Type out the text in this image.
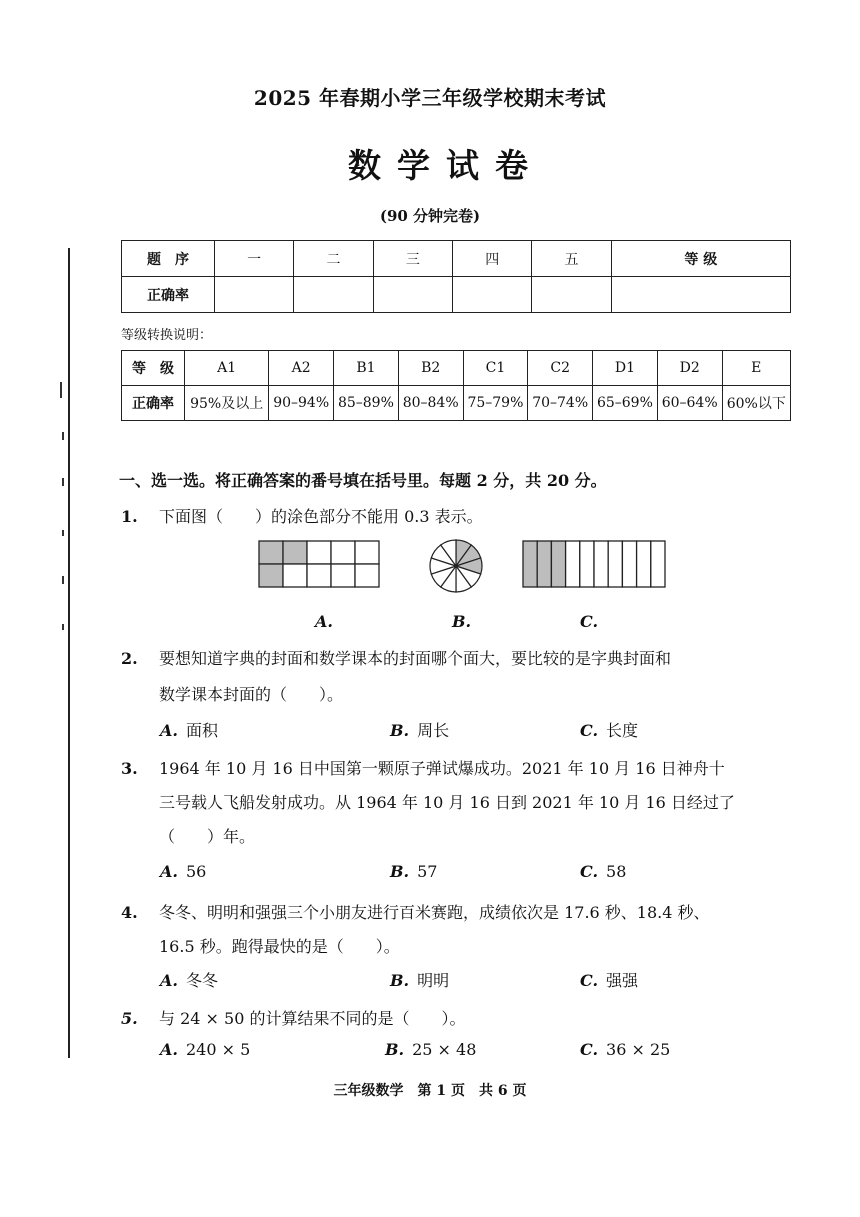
2025 年春期小学三年级学校期末考试
数学试卷
(90 分钟完卷)
题　序	一	二	三	四	五	等 级
正确率						
等级转换说明：
等　级	A1	A2	B1	B2	C1	C2	D1	D2	E
正确率	95%及以上	90–94%	85–89%	80–84%	75–79%	70–74%	65–69%	60–64%	60%以下
一、选一选。将正确答案的番号填在括号里。每题 2 分，共 20 分。
1.	下面图（　　）的涂色部分不能用 0.3 表示。
A.	B.	C.
2.	要想知道字典的封面和数学课本的封面哪个面大，要比较的是字典封面和
数学课本封面的（　　）。
A. 面积	B. 周长	C. 长度
3.	1964 年 10 月 16 日中国第一颗原子弹试爆成功。2021 年 10 月 16 日神舟十
三号载人飞船发射成功。从 1964 年 10 月 16 日到 2021 年 10 月 16 日经过了
（　　）年。
A. 56	B. 57	C. 58
4.	冬冬、明明和强强三个小朋友进行百米赛跑，成绩依次是 17.6 秒、18.4 秒、
16.5 秒。跑得最快的是（　　）。
A. 冬冬	B. 明明	C. 强强
5.	与 24 × 50 的计算结果不同的是（　　）。
A. 240 × 5	B. 25 × 48	C. 36 × 25
三年级数学　第 1 页　共 6 页
